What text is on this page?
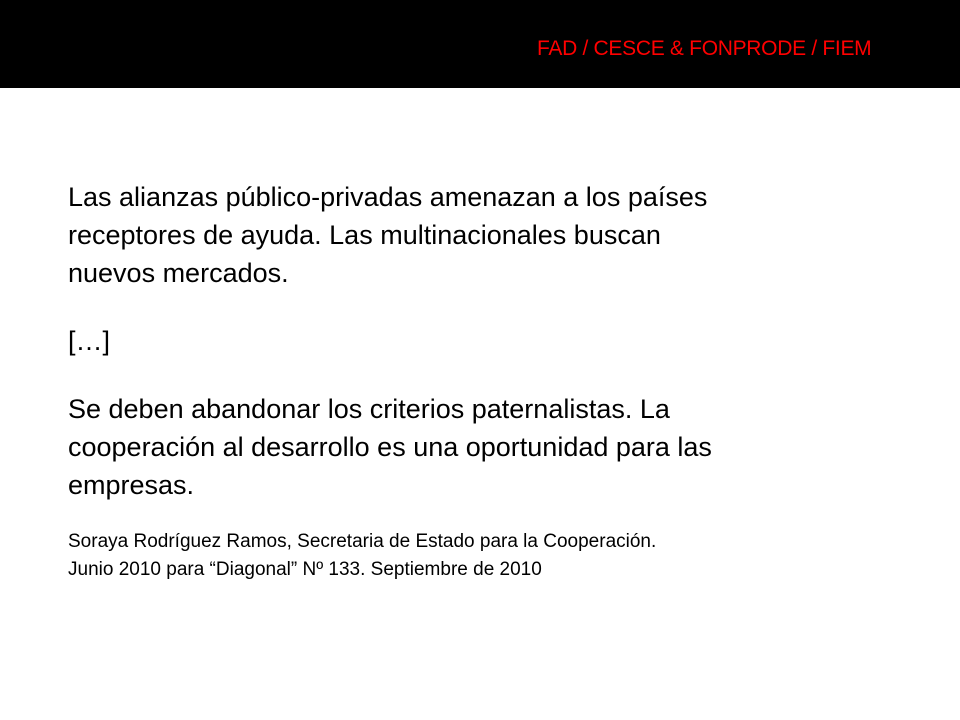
FAD / CESCE & FONPRODE / FIEM

Las alianzas público-privadas amenazan a los países
receptores de ayuda. Las multinacionales buscan
nuevos mercados.

[…]

Se deben abandonar los criterios paternalistas. La
cooperación al desarrollo es una oportunidad para las
empresas.

Soraya Rodríguez Ramos, Secretaria de Estado para la Cooperación.
Junio 2010 para “Diagonal” Nº 133. Septiembre de 2010
